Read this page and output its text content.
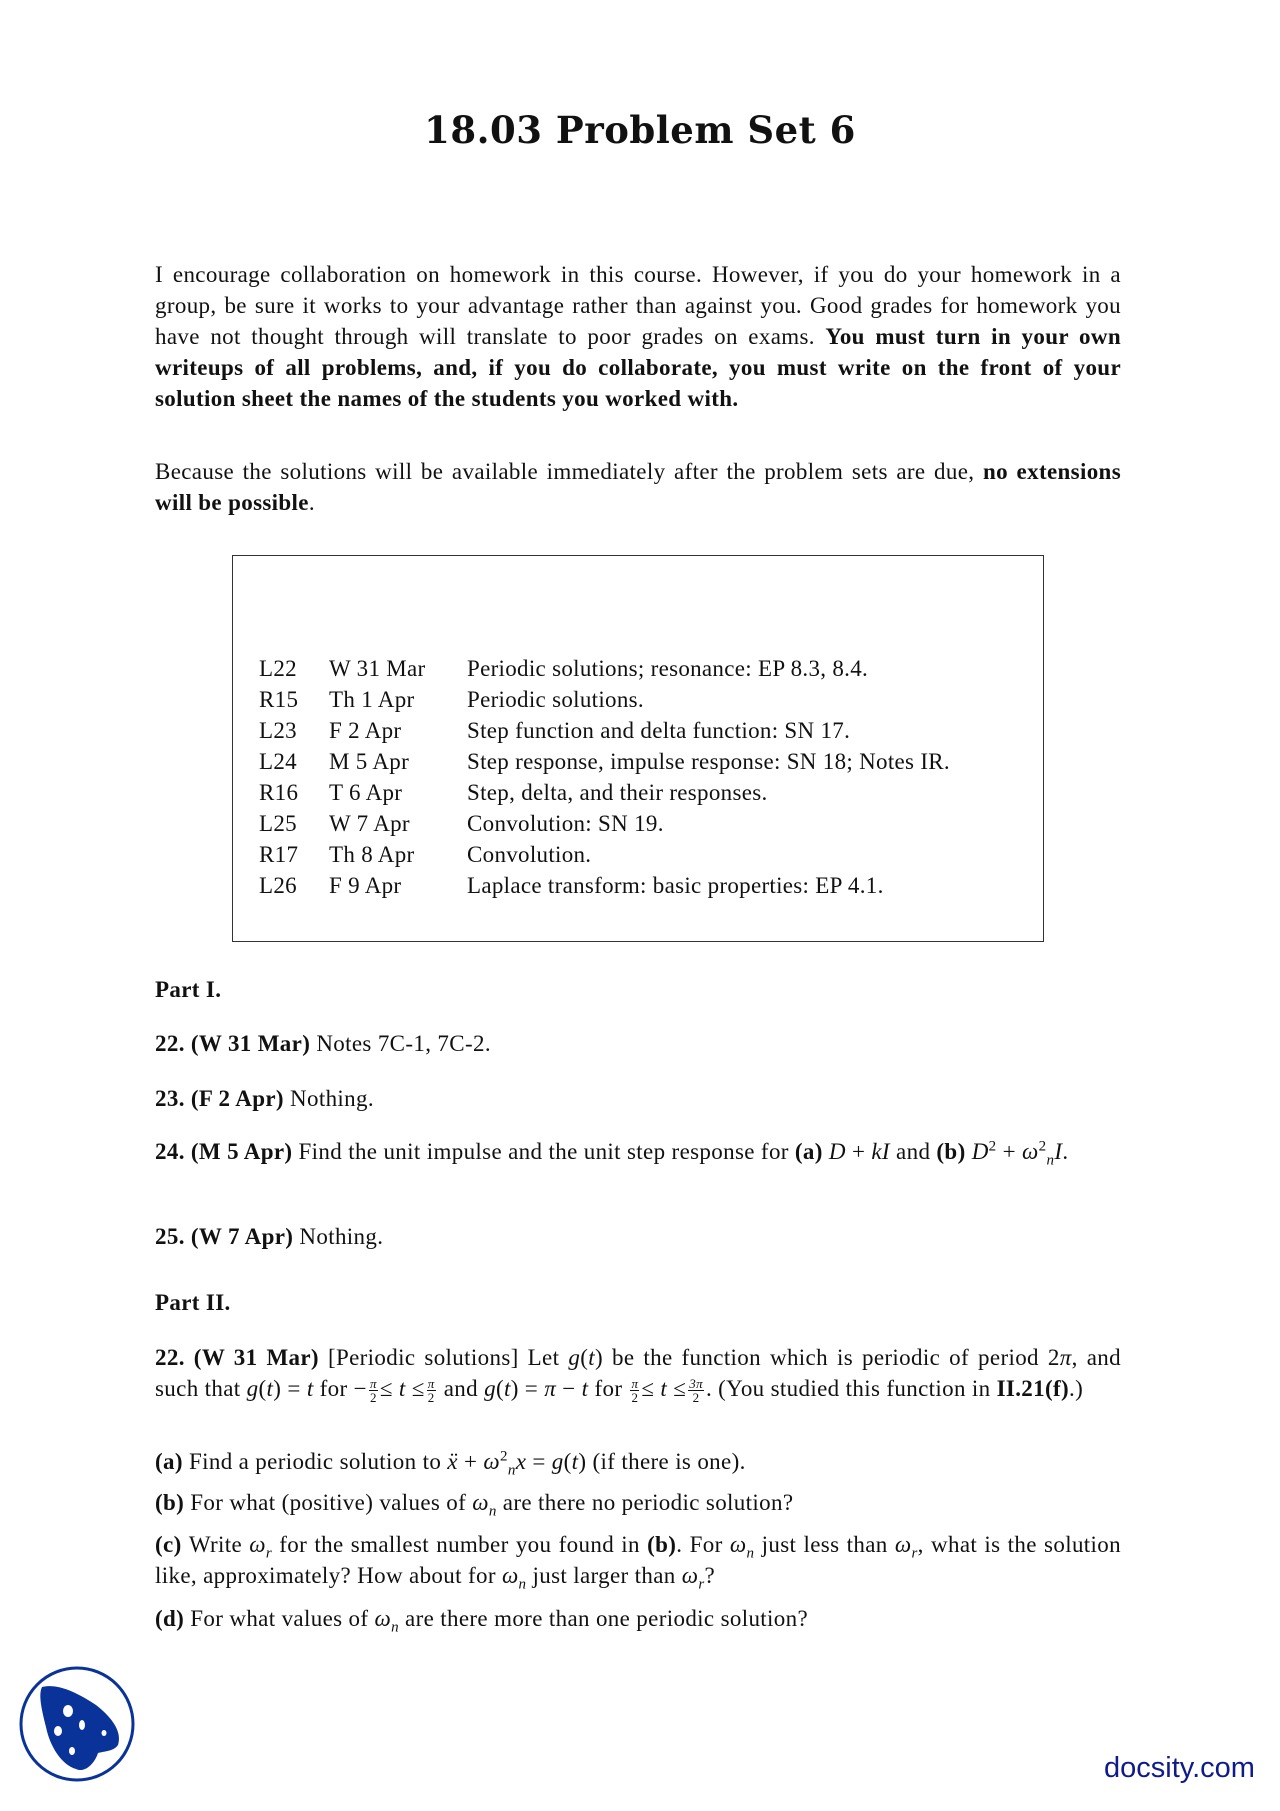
18.03 Problem Set 6
I encourage collaboration on homework in this course. However, if you do your homework in a group, be sure it works to your advantage rather than against you. Good grades for homework you have not thought through will translate to poor grades on exams. You must turn in your own writeups of all problems, and, if you do collaborate, you must write on the front of your solution sheet the names of the students you worked with.
Because the solutions will be available immediately after the problem sets are due, no extensions will be possible.
L22 W 31 Mar Periodic solutions; resonance: EP 8.3, 8.4.
R15 Th 1 Apr Periodic solutions.
L23 F 2 Apr	Step function and delta function: SN 17.
L24 M 5 Apr	Step response, impulse response: SN 18; Notes IR.
R16 T 6 Apr	Step, delta, and their responses.
L25 W 7 Apr Convolution: SN 19.
R17 Th 8 Apr Convolution.
L26 F 9 Apr	Laplace transform: basic properties: EP 4.1.
Part I.
22. (W 31 Mar) Notes 7C-1, 7C-2.
23. (F 2 Apr) Nothing.
24. (M 5 Apr) Find the unit impulse and the unit step response for (a) D + kI and (b) $D^2 + \omega^2_nI$.
25. (W 7 Apr) Nothing.
Part II.
22. (W 31 Mar) [Periodic solutions] Let g(t) be the function which is periodic of period 2π, and such that g(t) = t for − $\frac{\pi}{2} \le t \le \frac{\pi}{2}$ and g(t) = π − t for $\frac{\pi}{2} \le t \le \frac{3\pi}{2}$ . (You studied this function in II.21(f).)
(a) Find a periodic solution to ẍ + $\omega^2_nx = g(t)$ (if there is one).
(b) For what (positive) values of $\omega_n$ are there no periodic solution?
(c) Write $\omega_r$ for the smallest number you found in (b). For $\omega_n$ just less than $\omega_r$, what is the solution like, approximately? How about for $\omega_n$ just larger than $\omega_r$?
(d) For what values of $\omega_n$ are there more than one periodic solution?
docsity.com
